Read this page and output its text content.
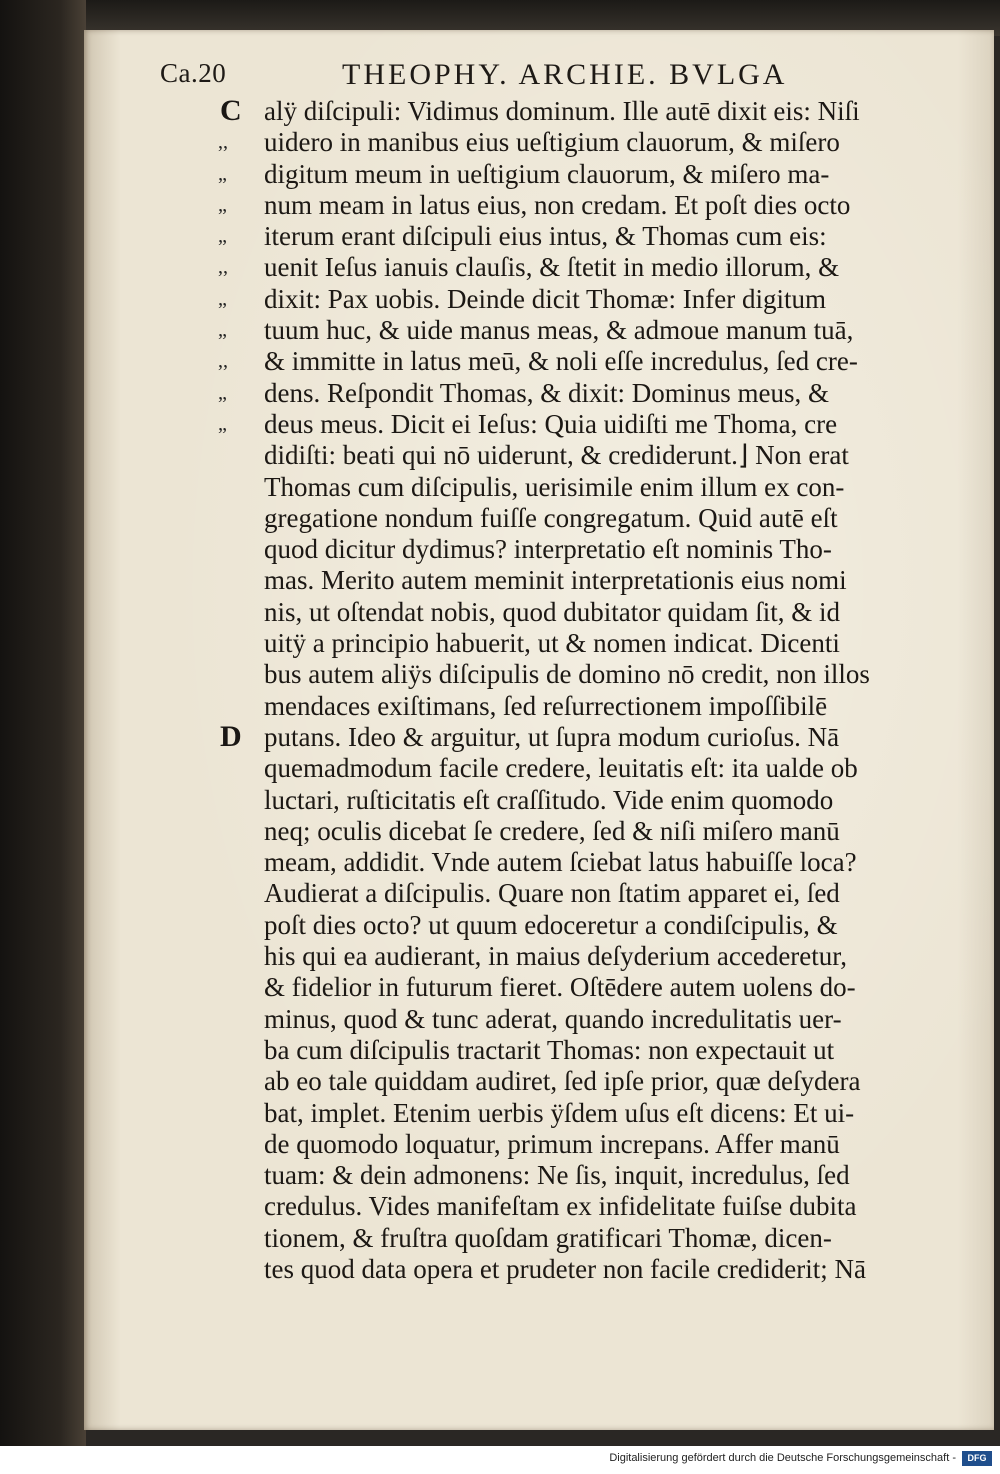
Ca.20	THEOPHY. ARCHIE. BVLGA
C alÿ diſcipuli: Vidimus dominum. Ille autē dixit eis: Niſi
,,	uidero in manibus eius ueſtigium clauorum, & miſero
„	digitum meum in ueſtigium clauorum, & miſero ma-
„	num meam in latus eius, non credam. Et poſt dies octo
„	iterum erant diſcipuli eius intus, & Thomas cum eis:
,,	uenit Ieſus ianuis clauſis, & ſtetit in medio illorum, &
„	dixit: Pax uobis. Deinde dicit Thomæ: Infer digitum
„	tuum huc, & uide manus meas, & admoue manum tuā,
,,	& immitte in latus meū, & noli eſſe incredulus, ſed cre-
„	dens. Reſpondit Thomas, & dixit: Dominus meus, &
„	deus meus. Dicit ei Ieſus: Quia uidiſti me Thoma, cre
didiſti: beati qui nō uiderunt, & crediderunt.⌋ Non erat
Thomas cum diſcipulis, uerisimile enim illum ex con-
gregatione nondum fuiſſe congregatum. Quid autē eſt
quod dicitur dydimus? interpretatio eſt nominis Tho-
mas. Merito autem meminit interpretationis eius nomi
nis, ut oſtendat nobis, quod dubitator quidam ſit, & id
uitÿ a principio habuerit, ut & nomen indicat. Dicenti
bus autem aliÿs diſcipulis de domino nō credit, non illos
mendaces exiſtimans, ſed reſurrectionem impoſſibilē
D putans. Ideo & arguitur, ut ſupra modum curioſus. Nā
quemadmodum facile credere, leuitatis eſt: ita ualde ob
luctari, ruſticitatis eſt craſſitudo. Vide enim quomodo
neq; oculis dicebat ſe credere, ſed & niſi miſero manū
meam, addidit. Vnde autem ſciebat latus habuiſſe loca?
Audierat a diſcipulis. Quare non ſtatim apparet ei, ſed
poſt dies octo? ut quum edoceretur a condiſcipulis, &
his qui ea audierant, in maius deſyderium accederetur,
& fidelior in futurum fieret. Oſtēdere autem uolens do-
minus, quod & tunc aderat, quando incredulitatis uer-
ba cum diſcipulis tractarit Thomas: non expectauit ut
ab eo tale quiddam audiret, ſed ipſe prior, quæ deſydera
bat, implet. Etenim uerbis ÿſdem uſus eſt dicens: Et ui-
de quomodo loquatur, primum increpans. Affer manū
tuam: & dein admonens: Ne ſis, inquit, incredulus, ſed
credulus. Vides manifeſtam ex infidelitate fuiſse dubita
tionem, & fruſtra quoſdam gratificari Thomæ, dicen-
tes quod data opera et prudeter non facile crediderit; Nā
Digitalisierung gefördert durch die Deutsche Forschungsgemeinschaft -	DFG
